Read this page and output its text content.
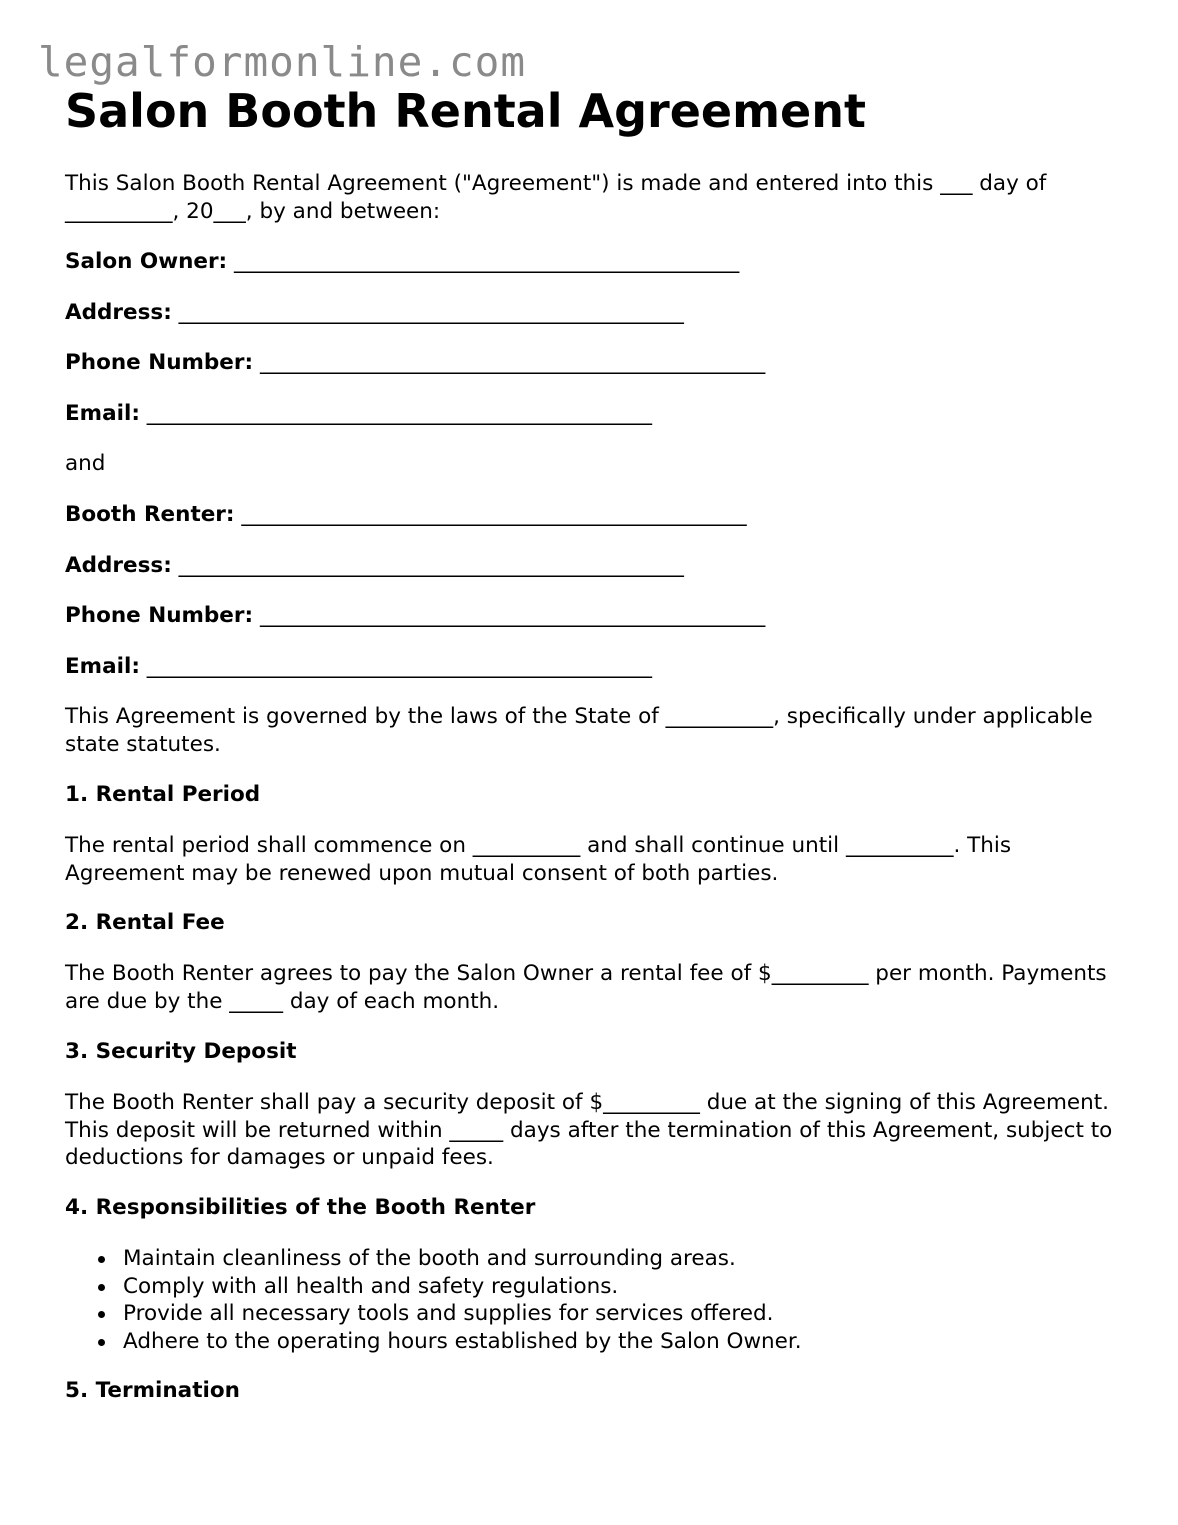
legalformonline.com
Salon Booth Rental Agreement

This Salon Booth Rental Agreement ("Agreement") is made and entered into this ___ day of __________, 20___, by and between:

Salon Owner: _______________________________________________
Address: _______________________________________________
Phone Number: _______________________________________________
Email: _______________________________________________

and

Booth Renter: _______________________________________________
Address: _______________________________________________
Phone Number: _______________________________________________
Email: _______________________________________________

This Agreement is governed by the laws of the State of __________, specifically under applicable state statutes.

1. Rental Period

The rental period shall commence on __________ and shall continue until __________. This Agreement may be renewed upon mutual consent of both parties.

2. Rental Fee

The Booth Renter agrees to pay the Salon Owner a rental fee of $_________ per month. Payments are due by the _____ day of each month.

3. Security Deposit

The Booth Renter shall pay a security deposit of $_________ due at the signing of this Agreement. This deposit will be returned within _____ days after the termination of this Agreement, subject to deductions for damages or unpaid fees.

4. Responsibilities of the Booth Renter
Maintain cleanliness of the booth and surrounding areas.
Comply with all health and safety regulations.
Provide all necessary tools and supplies for services offered.
Adhere to the operating hours established by the Salon Owner.
5. Termination
